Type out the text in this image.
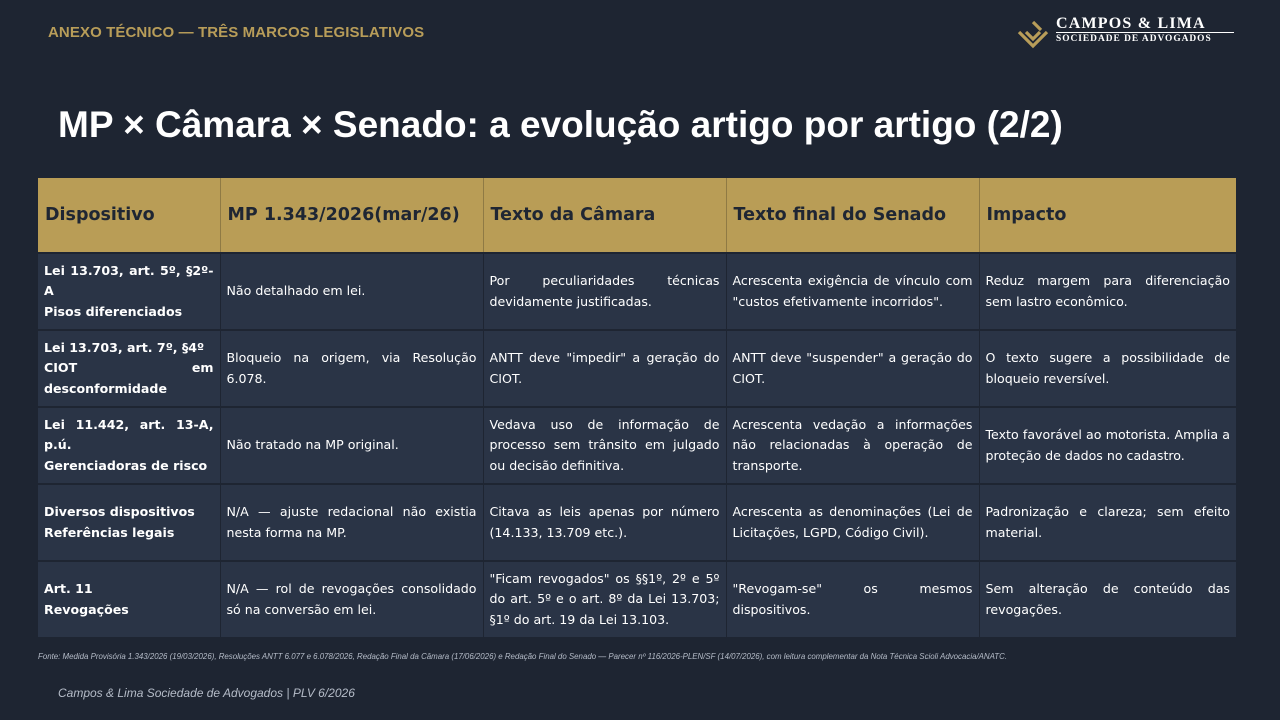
ANEXO TÉCNICO — TRÊS MARCOS LEGISLATIVOS
CAMPOS & LIMA
SOCIEDADE DE ADVOGADOS
MP × Câmara × Senado: a evolução artigo por artigo (2/2)
Dispositivo	MP 1.343/2026(mar/26)	Texto da Câmara	Texto final do Senado	Impacto

Lei 13.703, art. 5º, §2º-A
Pisos diferenciados	Não detalhado em lei.	Por peculiaridades técnicas devidamente justificadas.	Acrescenta exigência de vínculo com "custos efetivamente incorridos".	Reduz margem para diferenciação sem lastro econômico.

Lei 13.703, art. 7º, §4º
CIOT em desconformidade	Bloqueio na origem, via Resolução 6.078.	ANTT deve "impedir" a geração do CIOT.	ANTT deve "suspender" a geração do CIOT.	O texto sugere a possibilidade de bloqueio reversível.

Lei 11.442, art. 13-A, p.ú.
Gerenciadoras de risco	Não tratado na MP original.	Vedava uso de informação de processo sem trânsito em julgado ou decisão definitiva.	Acrescenta vedação a informações não relacionadas à operação de transporte.	Texto favorável ao motorista. Amplia a proteção de dados no cadastro.

Diversos dispositivos
Referências legais	N/A — ajuste redacional não existia nesta forma na MP.	Citava as leis apenas por número (14.133, 13.709 etc.).	Acrescenta as denominações (Lei de Licitações, LGPD, Código Civil).	Padronização e clareza; sem efeito material.

Art. 11
Revogações	N/A — rol de revogações consolidado só na conversão em lei.	"Ficam revogados" os §§1º, 2º e 5º do art. 5º e o art. 8º da Lei 13.703; §1º do art. 19 da Lei 13.103.	"Revogam-se" os mesmos dispositivos.	Sem alteração de conteúdo das revogações.
Fonte: Medida Provisória 1.343/2026 (19/03/2026), Resoluções ANTT 6.077 e 6.078/2026, Redação Final da Câmara (17/06/2026) e Redação Final do Senado — Parecer nº 116/2026-PLEN/SF (14/07/2026), com leitura complementar da Nota Técnica Scioli Advocacia/ANATC.
Campos & Lima Sociedade de Advogados | PLV 6/2026
